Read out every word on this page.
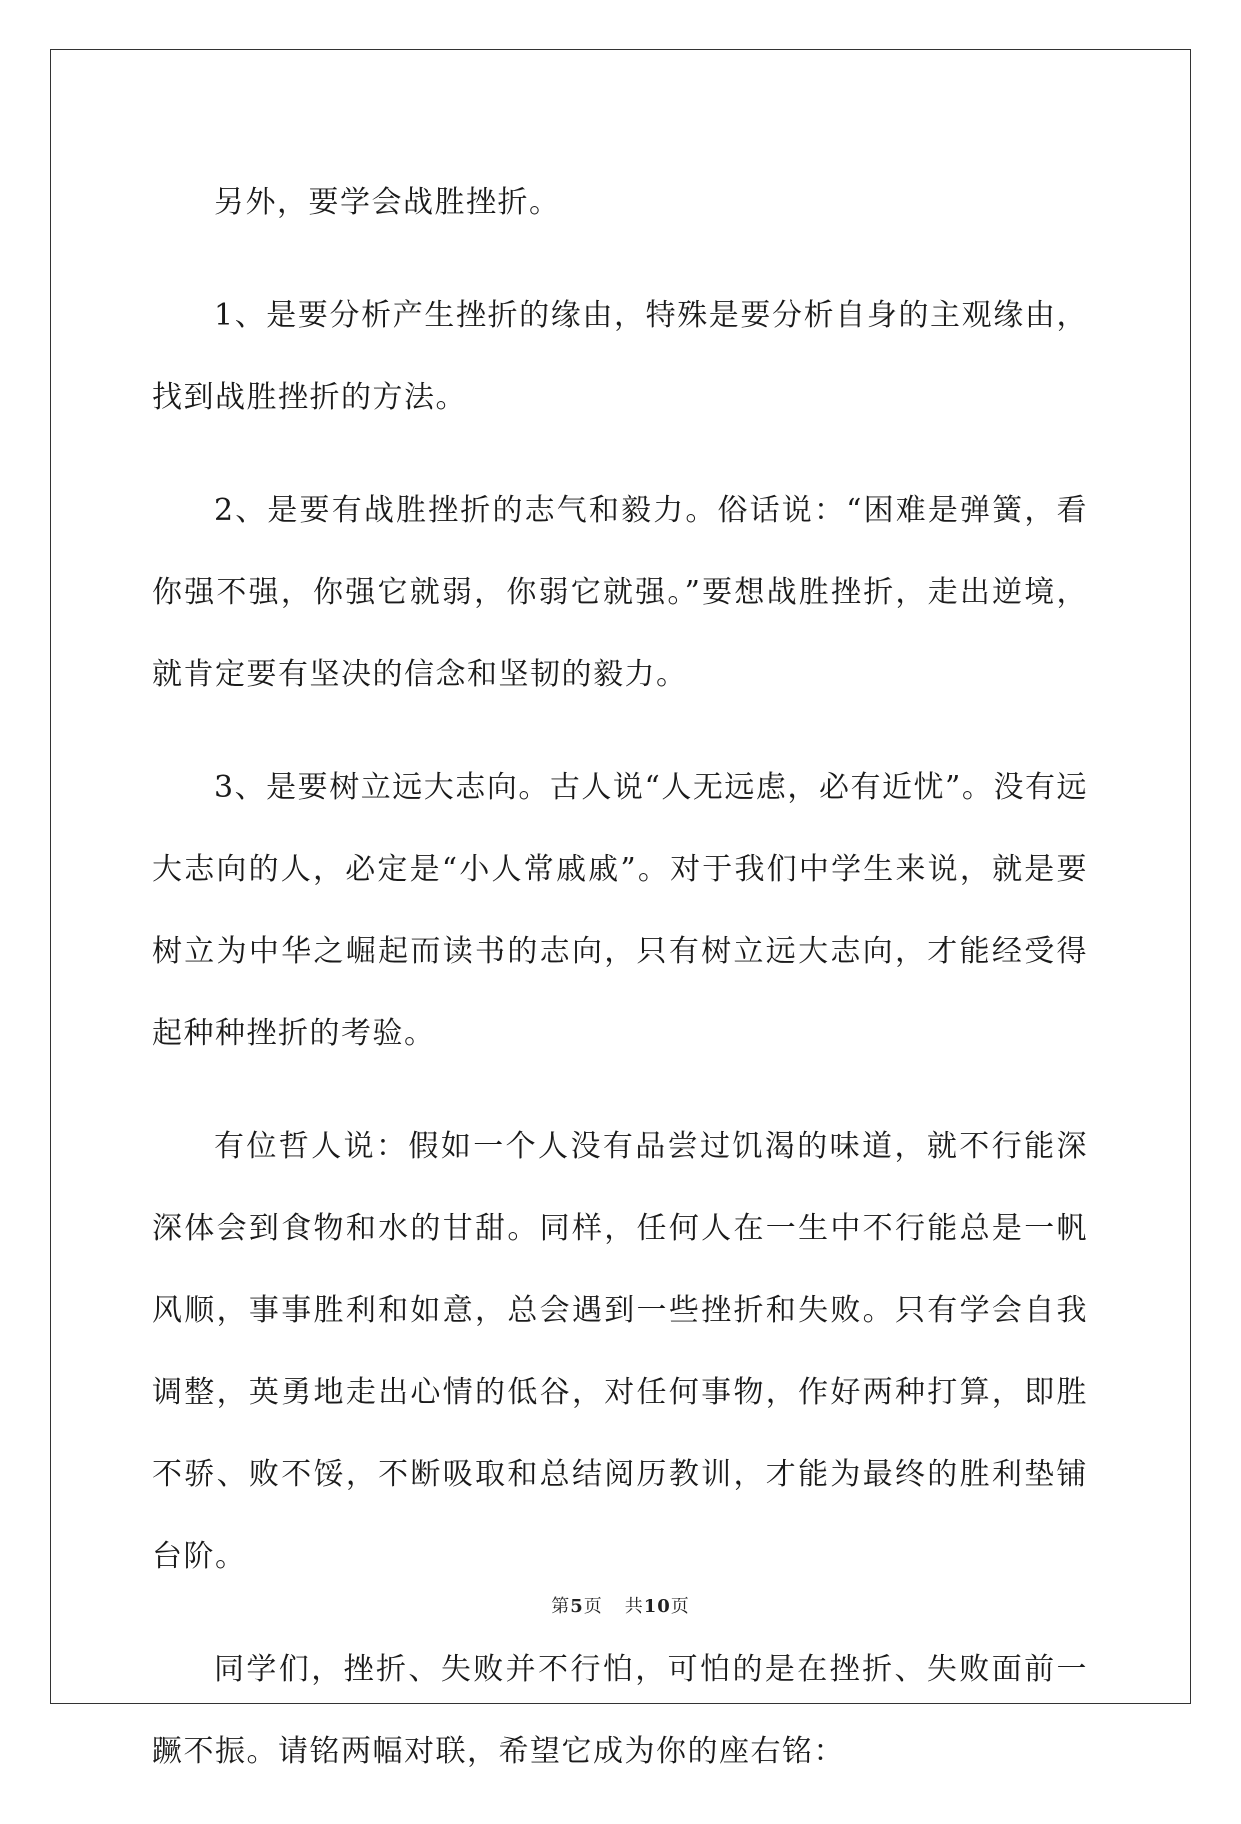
另外，要学会战胜挫折。

1、是要分析产生挫折的缘由，特殊是要分析自身的主观缘由，找到战胜挫折的方法。

2、是要有战胜挫折的志气和毅力。俗话说：“困难是弹簧，看你强不强，你强它就弱，你弱它就强。”要想战胜挫折，走出逆境，就肯定要有坚决的信念和坚韧的毅力。

3、是要树立远大志向。古人说“人无远虑，必有近忧”。没有远大志向的人，必定是“小人常戚戚”。对于我们中学生来说，就是要树立为中华之崛起而读书的志向，只有树立远大志向，才能经受得起种种挫折的考验。

有位哲人说：假如一个人没有品尝过饥渴的味道，就不行能深深体会到食物和水的甘甜。同样，任何人在一生中不行能总是一帆风顺，事事胜利和如意，总会遇到一些挫折和失败。只有学会自我调整，英勇地走出心情的低谷，对任何事物，作好两种打算，即胜不骄、败不馁，不断吸取和总结阅历教训，才能为最终的胜利垫铺台阶。

同学们，挫折、失败并不行怕，可怕的是在挫折、失败面前一蹶不振。请铭两幅对联，希望它成为你的座右铭：

第5页 共10页
